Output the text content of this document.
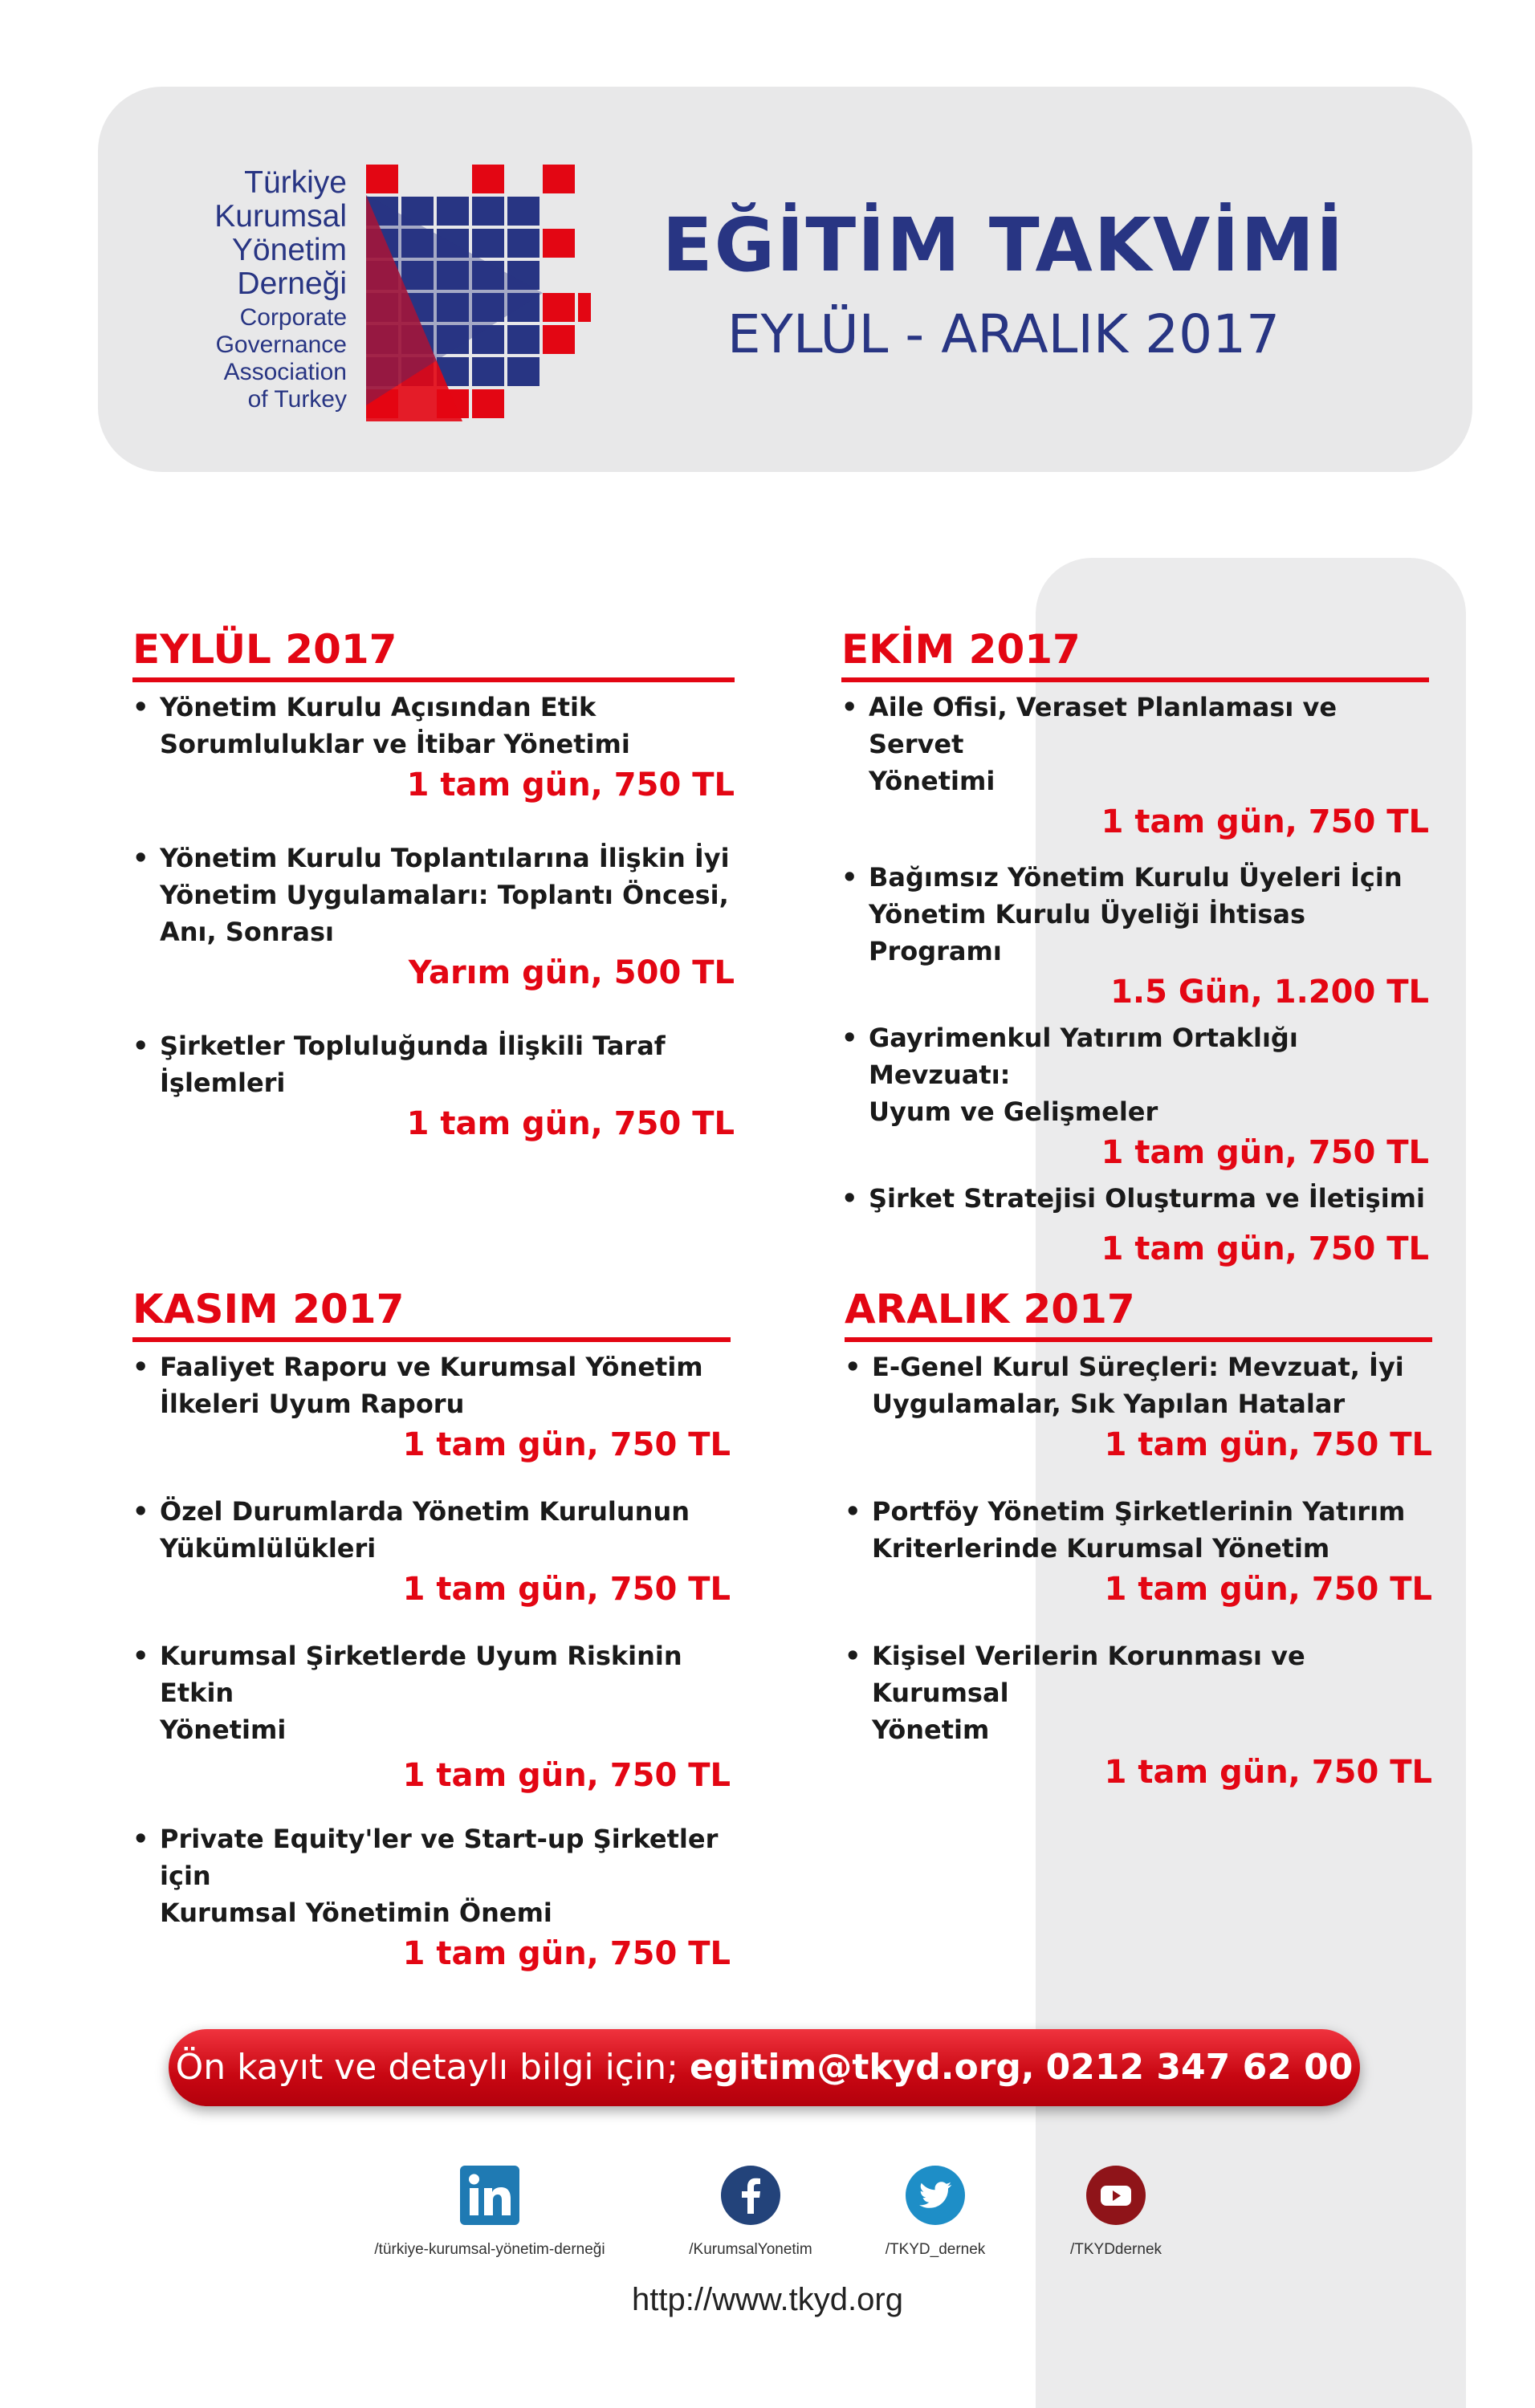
Türkiye
Kurumsal
Yönetim
Derneği
Corporate
Governance
Association
of Turkey
EĞİTİM TAKVİMİ
EYLÜL - ARALIK 2017
EYLÜL 2017
• Yönetim Kurulu Açısından Etik
Sorumluluklar ve İtibar Yönetimi
1 tam gün, 750 TL
• Yönetim Kurulu Toplantılarına İlişkin İyi
Yönetim Uygulamaları: Toplantı Öncesi,
Anı, Sonrası
Yarım gün, 500 TL
• Şirketler Topluluğunda İlişkili Taraf
İşlemleri
1 tam gün, 750 TL
EKİM 2017
• Aile Ofisi, Veraset Planlaması ve Servet
Yönetimi
1 tam gün, 750 TL
• Bağımsız Yönetim Kurulu Üyeleri İçin
Yönetim Kurulu Üyeliği İhtisas Programı
1.5 Gün, 1.200 TL
• Gayrimenkul Yatırım Ortaklığı Mevzuatı:
Uyum ve Gelişmeler
1 tam gün, 750 TL
• Şirket Stratejisi Oluşturma ve İletişimi
1 tam gün, 750 TL
KASIM 2017
• Faaliyet Raporu ve Kurumsal Yönetim
İlkeleri Uyum Raporu
1 tam gün, 750 TL
• Özel Durumlarda Yönetim Kurulunun
Yükümlülükleri
1 tam gün, 750 TL
• Kurumsal Şirketlerde Uyum Riskinin Etkin
Yönetimi
1 tam gün, 750 TL
• Private Equity'ler ve Start-up Şirketler için
Kurumsal Yönetimin Önemi
1 tam gün, 750 TL
ARALIK 2017
• E-Genel Kurul Süreçleri: Mevzuat, İyi
Uygulamalar, Sık Yapılan Hatalar
1 tam gün, 750 TL
• Portföy Yönetim Şirketlerinin Yatırım
Kriterlerinde Kurumsal Yönetim
1 tam gün, 750 TL
• Kişisel Verilerin Korunması ve Kurumsal
Yönetim
1 tam gün, 750 TL
Ön kayıt ve detaylı bilgi için; egitim@tkyd.org, 0212 347 62 00
/türkiye-kurumsal-yönetim-derneği	/KurumsalYonetim	/TKYD_dernek	/TKYDdernek
http://www.tkyd.org
